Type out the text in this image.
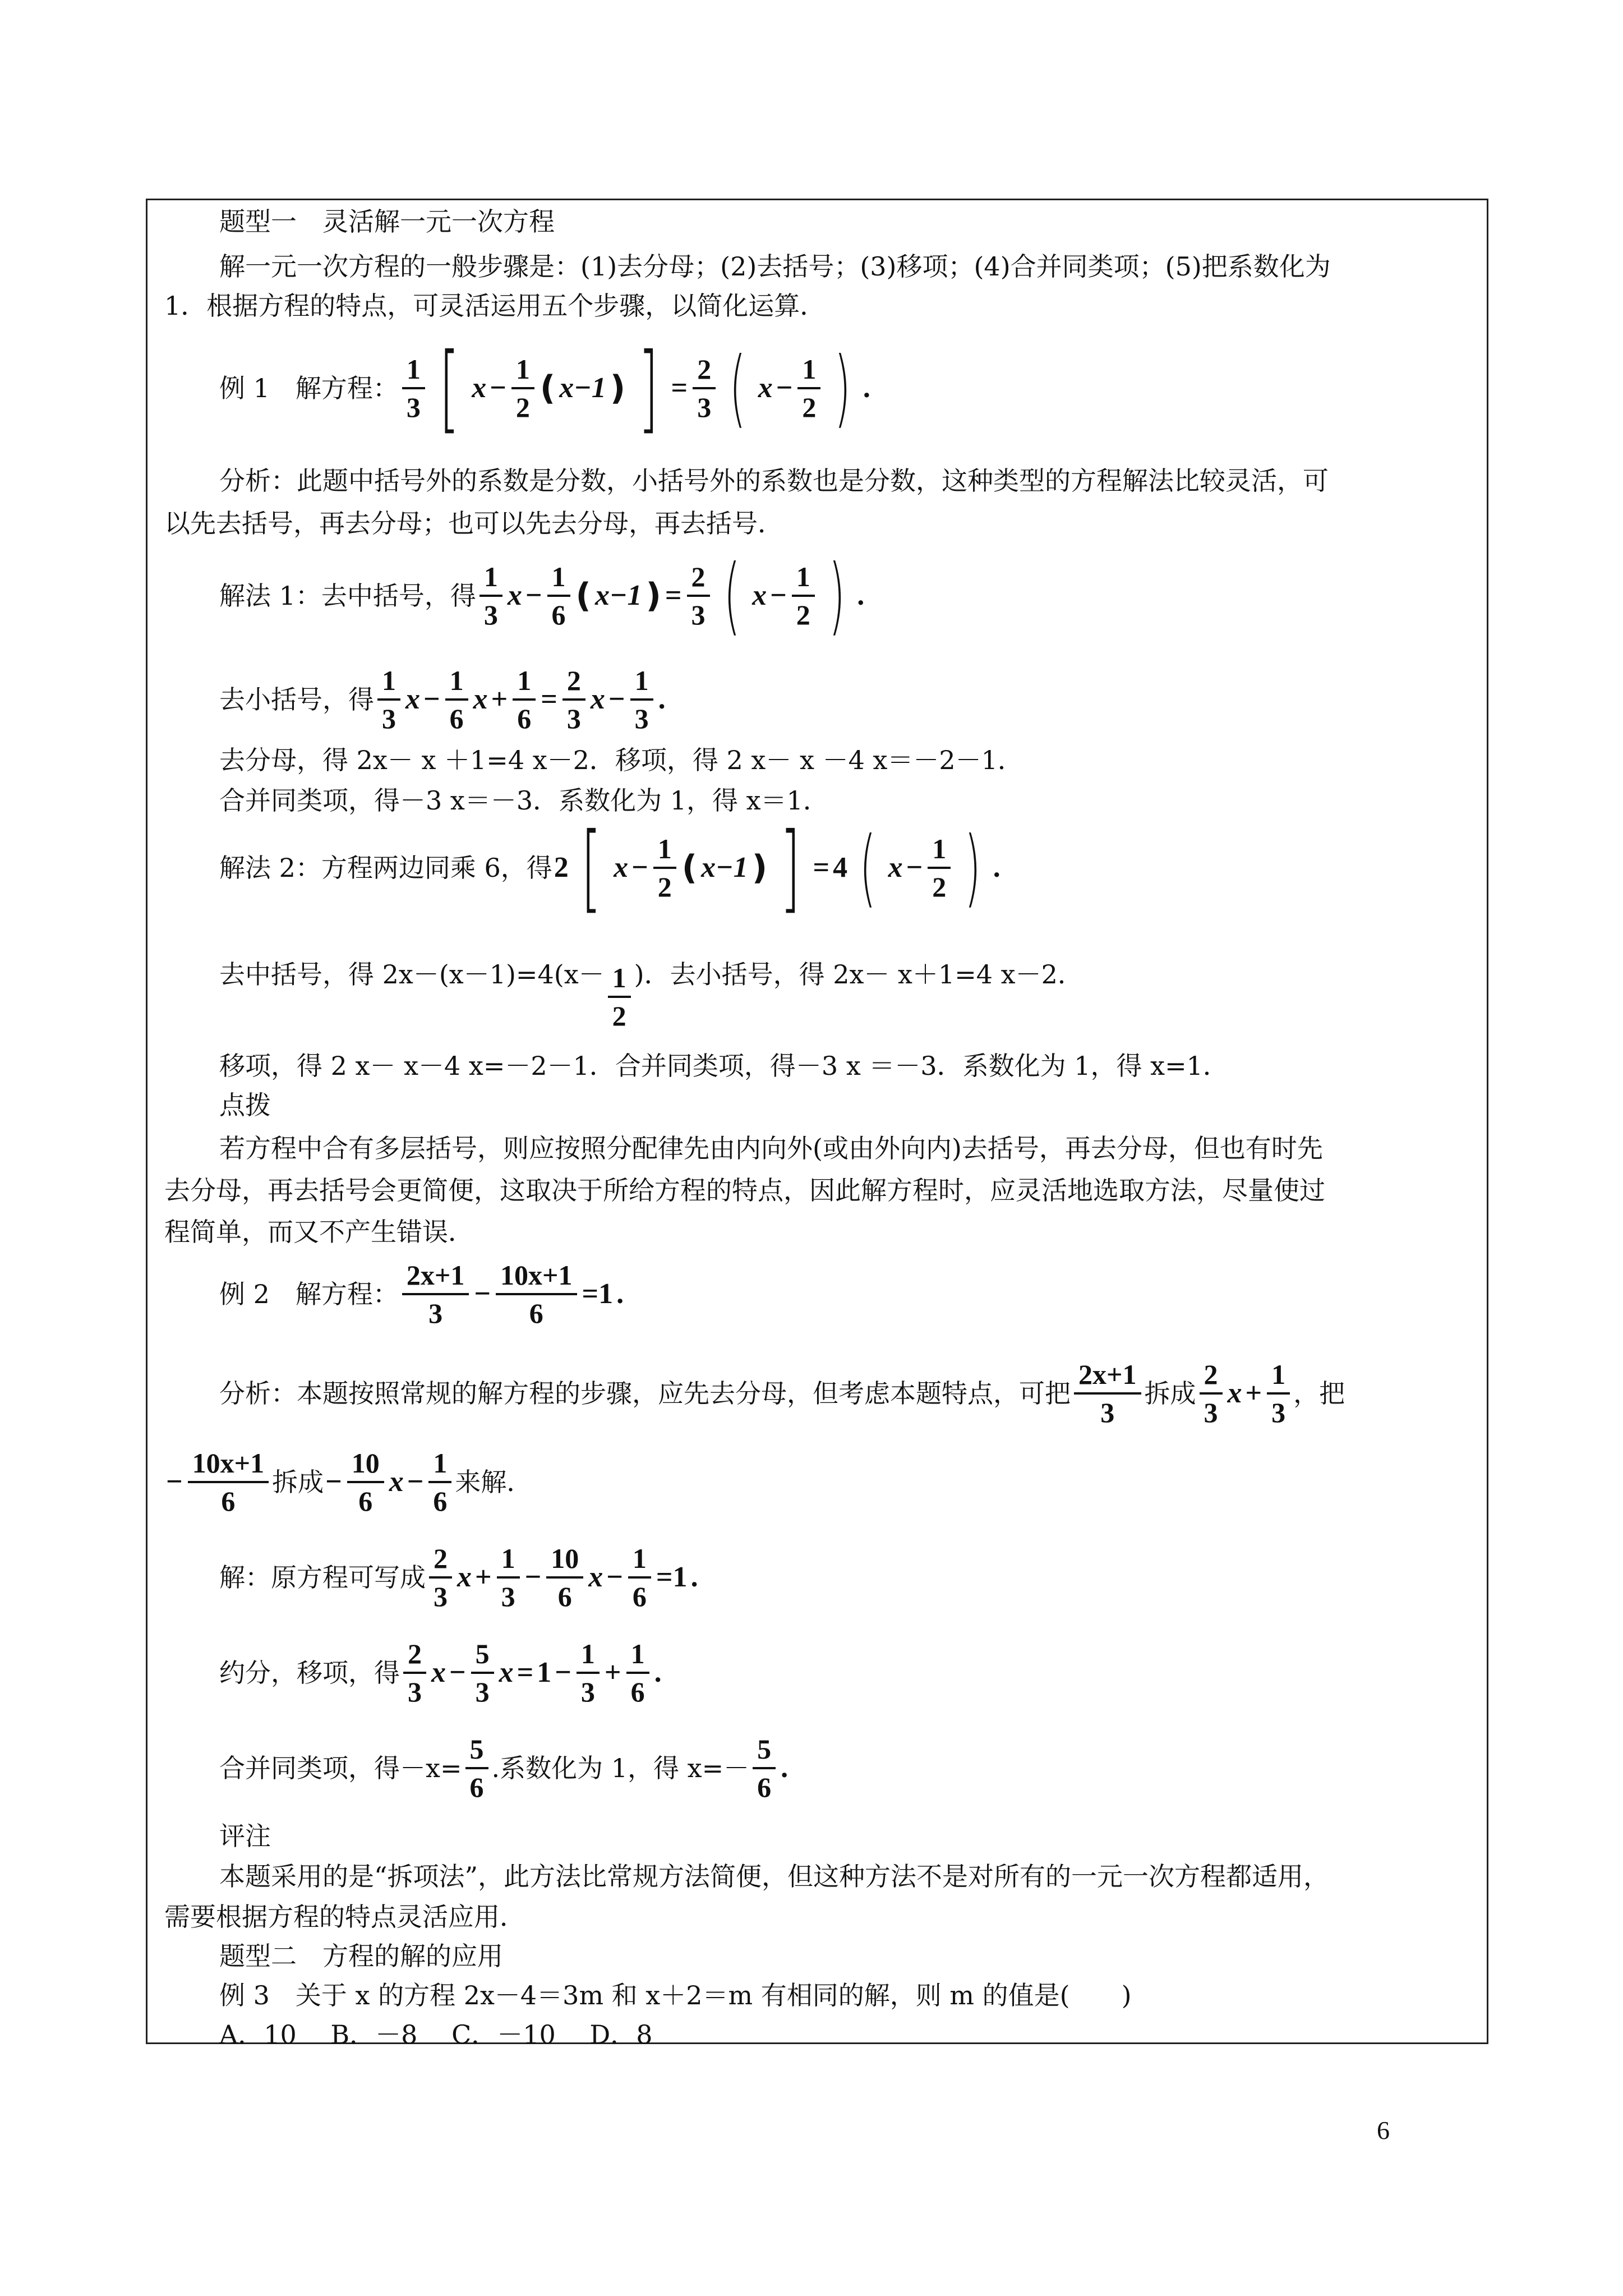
题型一　灵活解一元一次方程
解一元一次方程的一般步骤是：(1)去分母；(2)去括号；(3)移项；(4)合并同类项；(5)把系数化为
1．根据方程的特点，可灵活运用五个步骤，以简化运算．
例 1　解方程：
1
3 [ $x - \frac{1}{2}$ ( x−1 ) ] = $\frac{2}{3}$ ( $x - \frac{1}{2}$ ) .
分析：此题中括号外的系数是分数，小括号外的系数也是分数，这种类型的方程解法比较灵活，可
以先去括号，再去分母；也可以先去分母，再去括号．
解法 1：去中括号，得
1
3
$x - \frac{1}{6}$ ( x−1 ) = $\frac{2}{3}$ ( $x - \frac{1}{2}$ ) .
去小括号，得
1
3
$x - \frac{1}{6}$ $x + \frac{1}{6} = \frac{2}{3}$ $x - \frac{1}{3}$ .
去分母，得 2x－ x ＋1=4 x－2．移项，得 2 x－ x －4 x＝－2－1．
合并同类项，得－3 x＝－3．系数化为 1，得 x＝1．
解法 2：方程两边同乘 6，得 2 [ $x - \frac{1}{2}$ ( x−1 ) ] = 4 ( $x - \frac{1}{2}$ ) .
去中括号，得 2x－(x－1)=4(x－ 1
2
)．去小括号，得 2x－ x＋1=4 x－2．
移项，得 2 x－ x－4 x=－2－1．合并同类项，得－3 x ＝－3．系数化为 1，得 x=1．
点拨
若方程中合有多层括号，则应按照分配律先由内向外(或由外向内)去括号，再去分母，但也有时先
去分母，再去括号会更简便，这取决于所给方程的特点，因此解方程时，应灵活地选取方法，尽量使过
程简单，而又不产生错误．
例 2　解方程：
2x+1
3
− $\frac{10x+1}{6} =1$ .
分析：本题按照常规的解方程的步骤，应先去分母，但考虑本题特点，可把
2x+1
3
拆成
2
3
$x + \frac{1}{3}$ ，把
− $\frac{10x+1}{6}$ 拆成 − $\frac{10}{6}$ $x - \frac{1}{6}$ 来解．
解：原方程可写成
2
3
$x + \frac{1}{3} - \frac{10}{6}$ $x - \frac{1}{6} =1$ .
约分，移项，得
2
3
$x - \frac{5}{3}$ $x = 1 - \frac{1}{3} + \frac{1}{6}$ .
合并同类项，得$-x= \frac{5}{6}$ .系数化为 1，得 x=－
5
6
.
评注
本题采用的是“拆项法”，此方法比常规方法简便，但这种方法不是对所有的一元一次方程都适用，
需要根据方程的特点灵活应用．
题型二　方程的解的应用
例 3　关于 x 的方程 2x－4＝3m 和 x＋2＝m 有相同的解，则 m 的值是(　　)
A．10　 B．－8　 C．－10　 D．8
6
